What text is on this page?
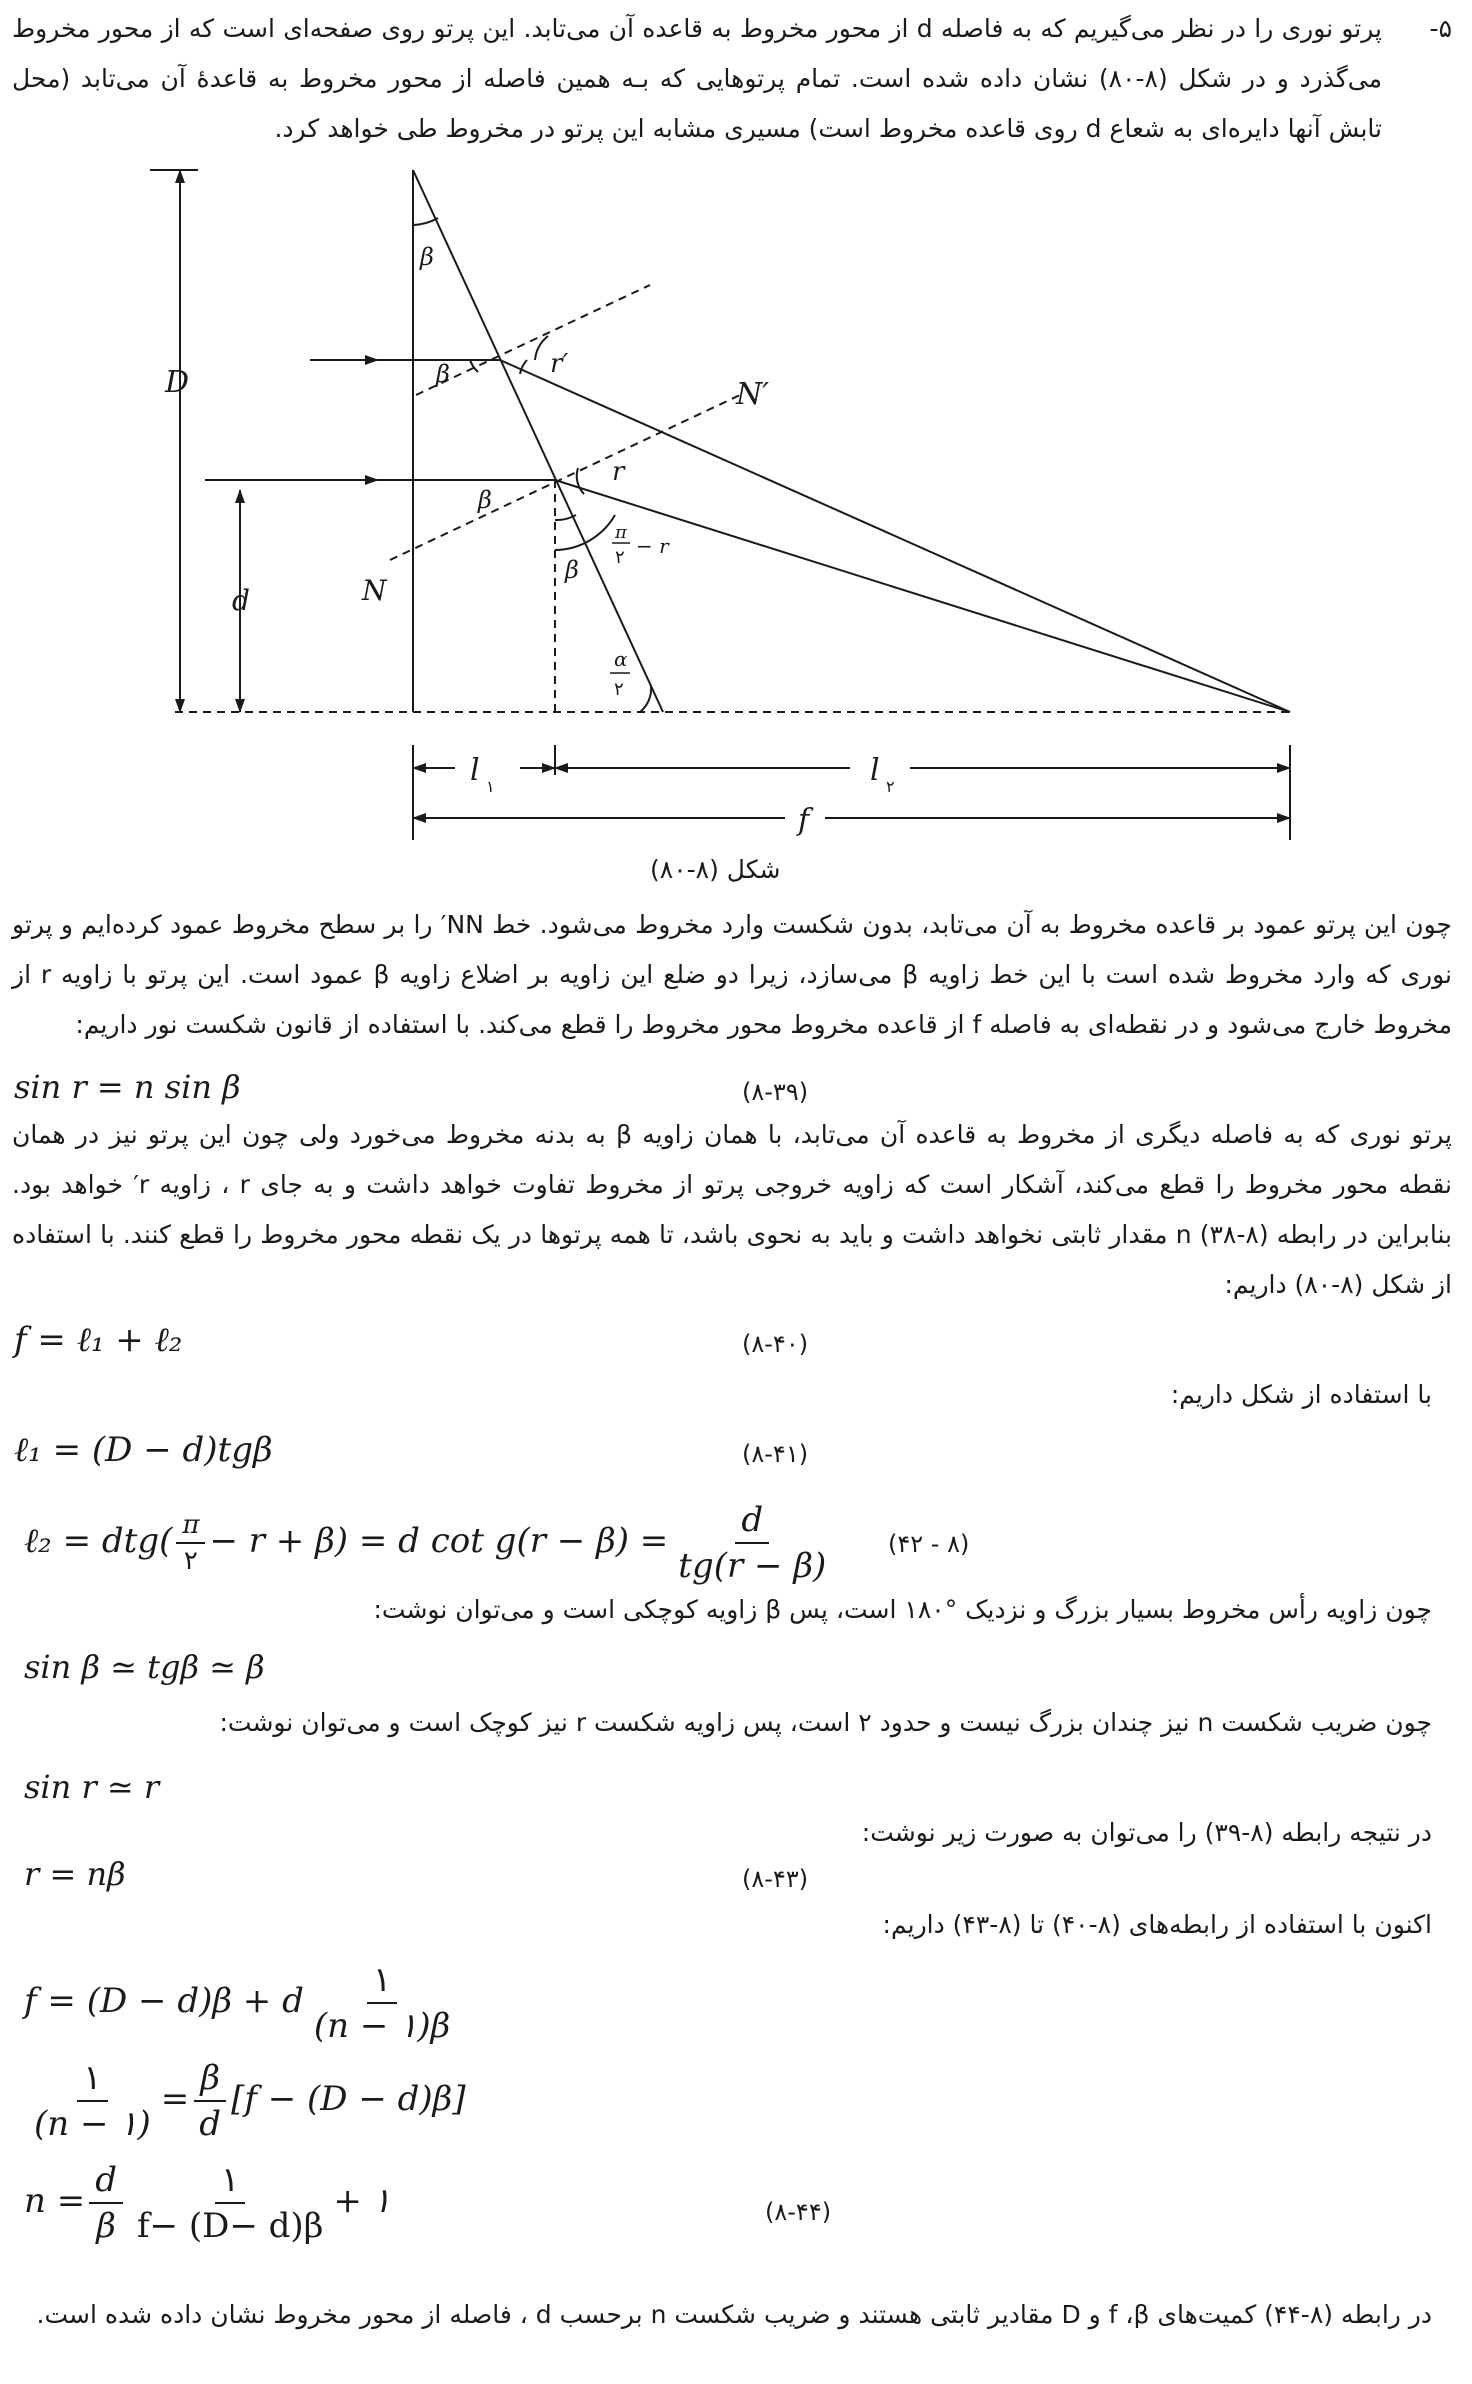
۵-
پرتو نوری را در نظر می‌گیریم که به فاصله d از محور مخروط به قاعده آن می‌تابد. این پرتو روی صفحه‌ای است که از محور مخروط می‌گذرد و در شکل (۸-۸۰) نشان داده شده است. تمام پرتوهایی که بـه همین فاصله از محور مخروط به قاعدهٔ آن می‌تابد (محل تابش آنها دایره‌ای به شعاع d روی قاعده مخروط است) مسیری مشابه این پرتو در مخروط طی خواهد کرد.
D
d	N
N′
β
β	r′
β
r
π
۲ − r
β
α
۲
l ۱	l ۲
f
شکل (۸-۸۰)
چون این پرتو عمود بر قاعده مخروط به آن می‌تابد، بدون شکست وارد مخروط می‌شود. خط NN′ را بر سطح مخروط عمود کرده‌ایم و پرتو نوری که وارد مخروط شده است با این خط زاویه β می‌سازد، زیرا دو ضلع این زاویه بر اضلاع زاویه β عمود است. این پرتو با زاویه r از مخروط خارج می‌شود و در نقطه‌ای به فاصله f از قاعده مخروط محور مخروط را قطع می‌کند. با استفاده از قانون شکست نور داریم:
sin r = n sin β	(۸-۳۹)
پرتو نوری که به فاصله دیگری از مخروط به قاعده آن می‌تابد، با همان زاویه β به بدنه مخروط می‌خورد ولی چون این پرتو نیز در همان نقطه محور مخروط را قطع می‌کند، آشکار است که زاویه خروجی پرتو از مخروط تفاوت خواهد داشت و به جای r ، زاویه r′ خواهد بود. بنابراین در رابطه (۸-۳۸) n مقدار ثابتی نخواهد داشت و باید به نحوی باشد، تا همه پرتوها در یک نقطه محور مخروط را قطع کنند. با استفاده از شکل (۸-۸۰) داریم:
f = ℓ₁ + ℓ₂	(۸-۴۰)
با استفاده از شکل داریم:
ℓ₁ = (D − d)tgβ	(۸-۴۱)
ℓ₂ = $dtg( \frac{\pi}{۲} - r + \beta) = d$ $\cot g(r - \beta) = \frac{d}{tg(r - \beta)}$ (۸ - ۴۲)
چون زاویه رأس مخروط بسیار بزرگ و نزدیک °۱۸۰ است، پس β زاویه کوچکی است و می‌توان نوشت:
sin β ≃ tgβ ≃ β
چون ضریب شکست n نیز چندان بزرگ نیست و حدود ۲ است، پس زاویه شکست r نیز کوچک است و می‌توان نوشت:
sin r ≃ r
در نتیجه رابطه (۸-۳۹) را می‌توان به صورت زیر نوشت:
r = nβ	(۸-۴۳)
اکنون با استفاده از رابطه‌های (۸-۴۰) تا (۸-۴۳) داریم:
f = (D − d)β + d $\frac{۱}{(n - ۱)\beta}$
$\frac{۱}{(n - ۱)} = \frac{\beta}{d} [f - (D - d)\beta]$
$n = \frac{d}{\beta} \frac{۱}{f- (D- d)\beta}$ + ۱	(۸-۴۴)
در رابطه (۸-۴۴) کمیت‌های f ،β و D مقادیر ثابتی هستند و ضریب شکست n برحسب d ، فاصله از محور مخروط نشان داده شده است.
